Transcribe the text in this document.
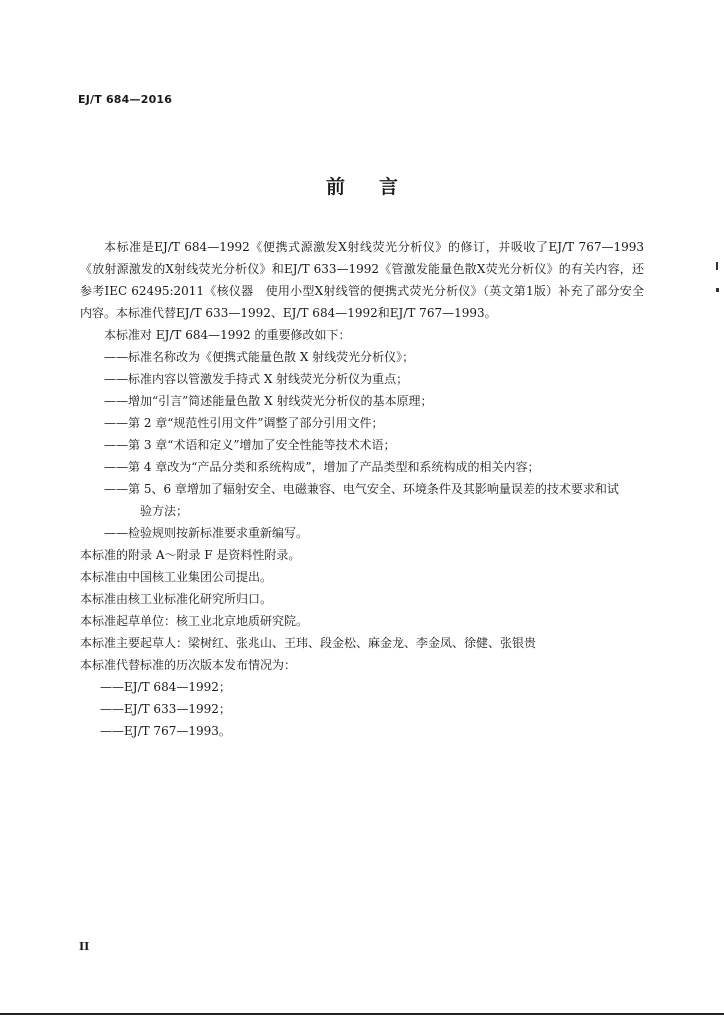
EJ/T 684—2016
前言

本标准是EJ/T 684—1992《便携式源激发X射线荧光分析仪》的修订，并吸收了EJ/T 767—1993《放射源激发的X射线荧光分析仪》和EJ/T 633—1992《管激发能量色散X荧光分析仪》的有关内容，还参考IEC 62495:2011《核仪器　使用小型X射线管的便携式荧光分析仪》（英文第1版）补充了部分安全内容。本标准代替EJ/T 633—1992、EJ/T 684—1992和EJ/T 767—1993。

本标准对 EJ/T 684—1992 的重要修改如下：

——标准名称改为《便携式能量色散 X 射线荧光分析仪》；

——标准内容以管激发手持式 X 射线荧光分析仪为重点；

——增加“引言”简述能量色散 X 射线荧光分析仪的基本原理；

——第 2 章“规范性引用文件”调整了部分引用文件；

——第 3 章“术语和定义”增加了安全性能等技术术语；

——第 4 章改为“产品分类和系统构成”，增加了产品类型和系统构成的相关内容；

——第 5、6 章增加了辐射安全、电磁兼容、电气安全、环境条件及其影响量误差的技术要求和试
验方法；

——检验规则按新标准要求重新编写。

本标准的附录 A～附录 F 是资料性附录。

本标准由中国核工业集团公司提出。

本标准由核工业标准化研究所归口。

本标准起草单位：核工业北京地质研究院。

本标准主要起草人：梁树红、张兆山、王玮、段金松、麻金龙、李金凤、徐健、张银贵

本标准代替标准的历次版本发布情况为：

——EJ/T 684—1992；

——EJ/T 633—1992；

——EJ/T 767—1993。

II
